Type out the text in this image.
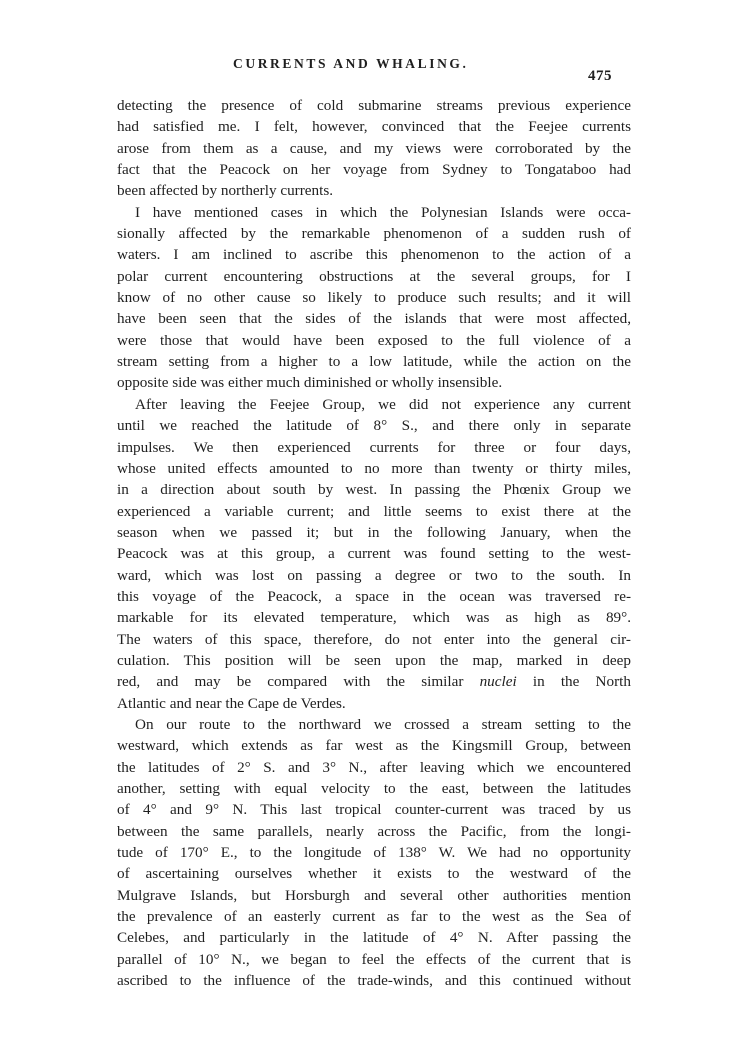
CURRENTS AND WHALING.
475
detecting the presence of cold submarine streams previous experience
had satisfied me. I felt, however, convinced that the Feejee currents
arose from them as a cause, and my views were corroborated by the
fact that the Peacock on her voyage from Sydney to Tongataboo had
been affected by northerly currents.
I have mentioned cases in which the Polynesian Islands were occa-
sionally affected by the remarkable phenomenon of a sudden rush of
waters. I am inclined to ascribe this phenomenon to the action of a
polar current encountering obstructions at the several groups, for I
know of no other cause so likely to produce such results; and it will
have been seen that the sides of the islands that were most affected,
were those that would have been exposed to the full violence of a
stream setting from a higher to a low latitude, while the action on the
opposite side was either much diminished or wholly insensible.
After leaving the Feejee Group, we did not experience any current
until we reached the latitude of 8° S., and there only in separate
impulses. We then experienced currents for three or four days,
whose united effects amounted to no more than twenty or thirty miles,
in a direction about south by west. In passing the Phœnix Group we
experienced a variable current; and little seems to exist there at the
season when we passed it; but in the following January, when the
Peacock was at this group, a current was found setting to the west-
ward, which was lost on passing a degree or two to the south. In
this voyage of the Peacock, a space in the ocean was traversed re-
markable for its elevated temperature, which was as high as 89°.
The waters of this space, therefore, do not enter into the general cir-
culation. This position will be seen upon the map, marked in deep
red, and may be compared with the similar nuclei in the North
Atlantic and near the Cape de Verdes.
On our route to the northward we crossed a stream setting to the
westward, which extends as far west as the Kingsmill Group, between
the latitudes of 2° S. and 3° N., after leaving which we encountered
another, setting with equal velocity to the east, between the latitudes
of 4° and 9° N. This last tropical counter-current was traced by us
between the same parallels, nearly across the Pacific, from the longi-
tude of 170° E., to the longitude of 138° W. We had no opportunity
of ascertaining ourselves whether it exists to the westward of the
Mulgrave Islands, but Horsburgh and several other authorities mention
the prevalence of an easterly current as far to the west as the Sea of
Celebes, and particularly in the latitude of 4° N. After passing the
parallel of 10° N., we began to feel the effects of the current that is
ascribed to the influence of the trade-winds, and this continued without
